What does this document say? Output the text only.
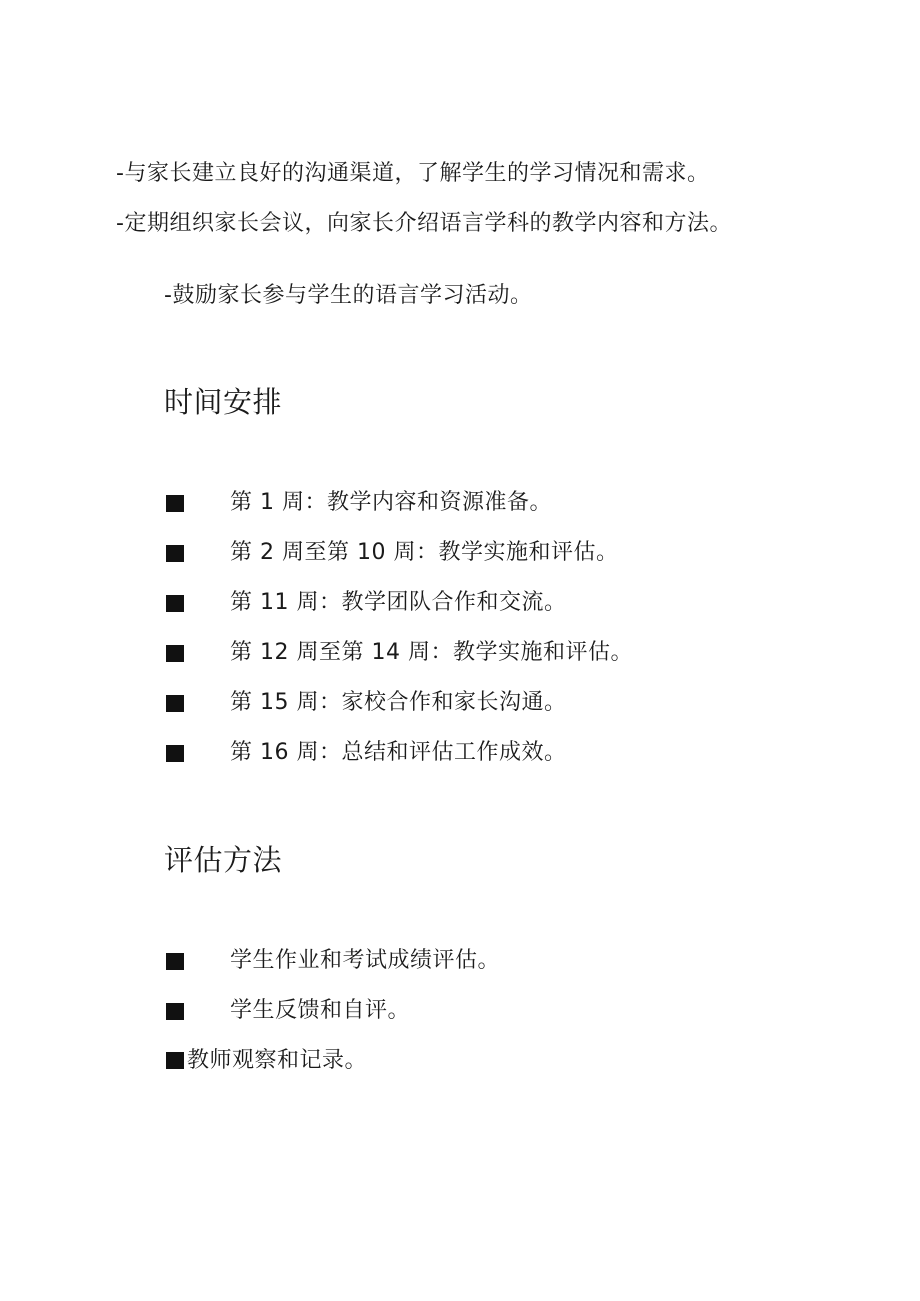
-与家长建立良好的沟通渠道，了解学生的学习情况和需求。
-定期组织家长会议，向家长介绍语言学科的教学内容和方法。
-鼓励家长参与学生的语言学习活动。
时间安排
第 1 周：教学内容和资源准备。
第 2 周至第 10 周：教学实施和评估。
第 11 周：教学团队合作和交流。
第 12 周至第 14 周：教学实施和评估。
第 15 周：家校合作和家长沟通。
第 16 周：总结和评估工作成效。
评估方法
学生作业和考试成绩评估。
学生反馈和自评。
教师观察和记录。
